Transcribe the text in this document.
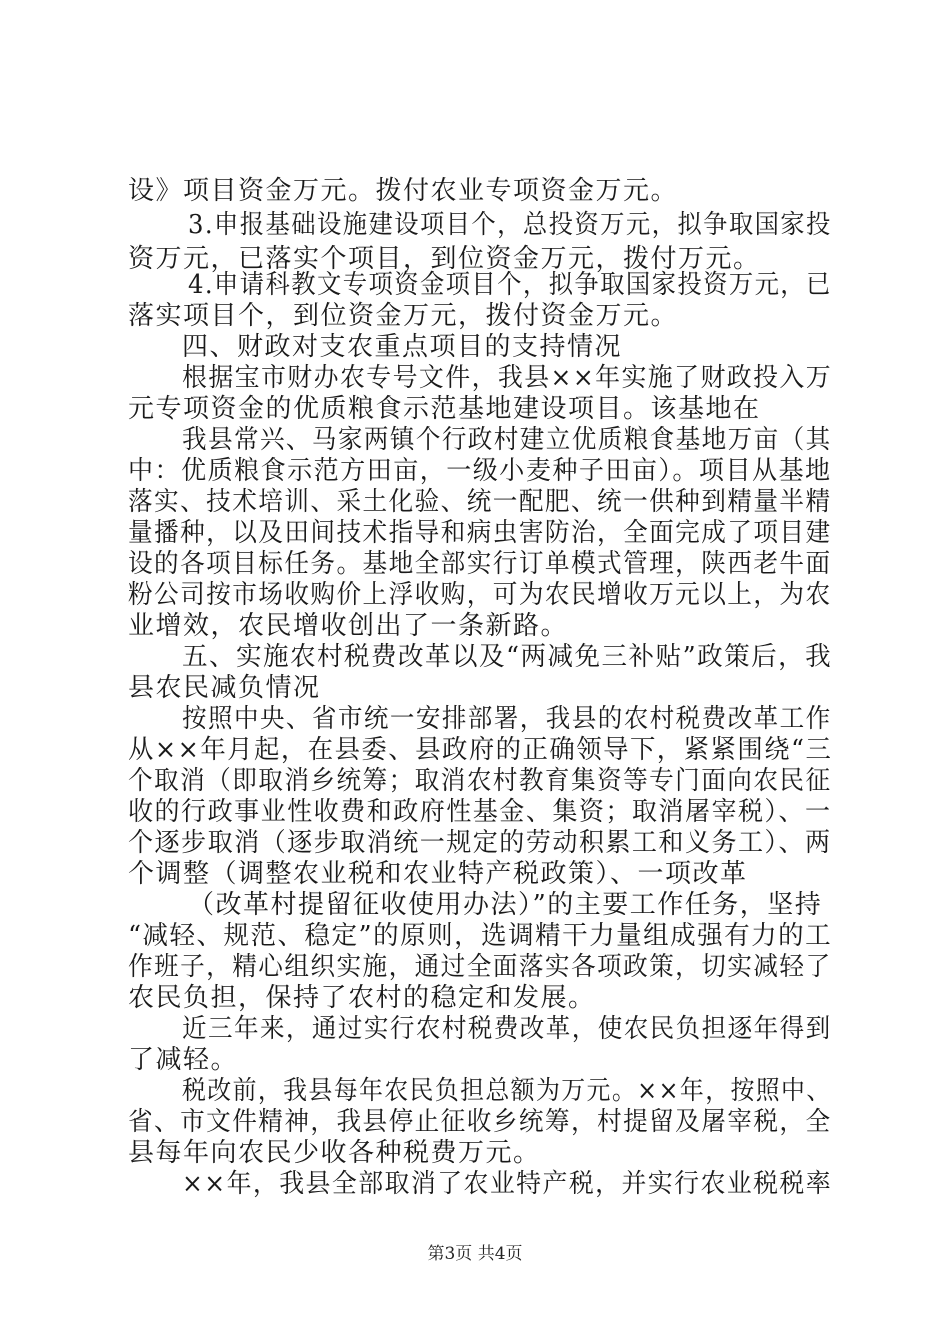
设》项目资金万元。拨付农业专项资金万元。
3.申报基础设施建设项目个，总投资万元，拟争取国家投
资万元，已落实个项目，到位资金万元，拨付万元。
4.申请科教文专项资金项目个，拟争取国家投资万元，已
落实项目个，到位资金万元，拨付资金万元。
四、财政对支农重点项目的支持情况
根据宝市财办农专号文件，我县××年实施了财政投入万
元专项资金的优质粮食示范基地建设项目。该基地在
我县常兴、马家两镇个行政村建立优质粮食基地万亩（其
中：优质粮食示范方田亩，一级小麦种子田亩）。项目从基地
落实、技术培训、采土化验、统一配肥、统一供种到精量半精
量播种，以及田间技术指导和病虫害防治，全面完成了项目建
设的各项目标任务。基地全部实行订单模式管理，陕西老牛面
粉公司按市场收购价上浮收购，可为农民增收万元以上，为农
业增效，农民增收创出了一条新路。
五、实施农村税费改革以及“两减免三补贴”政策后，我
县农民减负情况
按照中央、省市统一安排部署，我县的农村税费改革工作
从××年月起，在县委、县政府的正确领导下，紧紧围绕“三
个取消（即取消乡统筹；取消农村教育集资等专门面向农民征
收的行政事业性收费和政府性基金、集资；取消屠宰税）、一
个逐步取消（逐步取消统一规定的劳动积累工和义务工）、两
个调整（调整农业税和农业特产税政策）、一项改革
（改革村提留征收使用办法）”的主要工作任务，坚持
“减轻、规范、稳定”的原则，选调精干力量组成强有力的工
作班子，精心组织实施，通过全面落实各项政策，切实减轻了
农民负担，保持了农村的稳定和发展。
近三年来，通过实行农村税费改革，使农民负担逐年得到
了减轻。
税改前，我县每年农民负担总额为万元。××年，按照中、
省、市文件精神，我县停止征收乡统筹，村提留及屠宰税，全
县每年向农民少收各种税费万元。
××年，我县全部取消了农业特产税，并实行农业税税率
第3页 共4页
